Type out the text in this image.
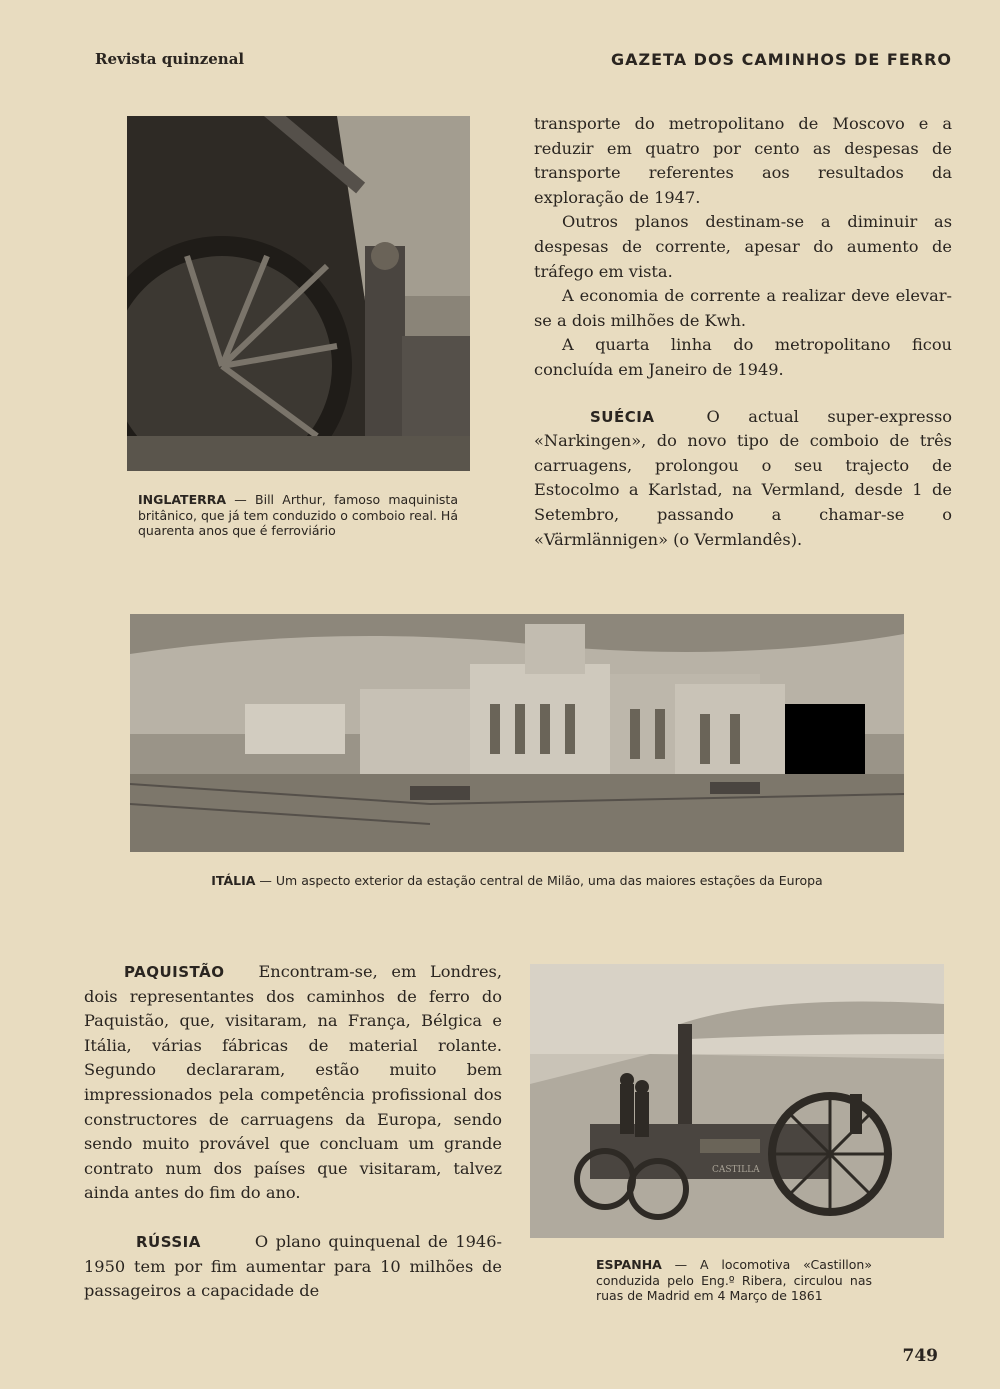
Revista quinzenal	GAZETA DOS CAMINHOS DE FERRO
INGLATERRA — Bill Arthur, famoso maquinista britânico, que já tem conduzido o comboio real. Há quarenta anos que é ferroviário

transporte do metropolitano de Moscovo e a reduzir em quatro por cento as despesas de transporte referentes aos resultados da exploração de 1947.

Outros planos destinam-se a diminuir as despesas de corrente, apesar do aumento de tráfego em vista.

A economia de corrente a realizar deve elevar-se a dois milhões de Kwh.

A quarta linha do metropolitano ficou concluída em Janeiro de 1949.

SUÉCIA	O actual super-expresso «Narkingen», do novo tipo de comboio de três carruagens, prolongou o seu trajecto de Estocolmo a Karlstad, na Vermland, desde 1 de Setembro, passando a chamar-se o «Värmlännigen» (o Vermlandês).

ITÁLIA — Um aspecto exterior da estação central de Milão, uma das maiores estações da Europa

PAQUISTÃO Encontram-se, em Londres, dois representantes dos caminhos de ferro do Paquistão, que, visitaram, na França, Bélgica e Itália, várias fábricas de material rolante. Segundo declararam, estão muito bem impressionados pela competência profissional dos constructores de carruagens da Europa, sendo sendo muito provável que concluam um grande contrato num dos países que visitaram, talvez ainda antes do fim do ano.

RÚSSIA	O plano quinquenal de 1946-1950 tem por fim aumentar para 10 milhões de passageiros a capacidade de

CASTILLA
ESPANHA — A locomotiva «Castillon» conduzida pelo Eng.º Ribera, circulou nas ruas de Madrid em 4 Março de 1861
749
